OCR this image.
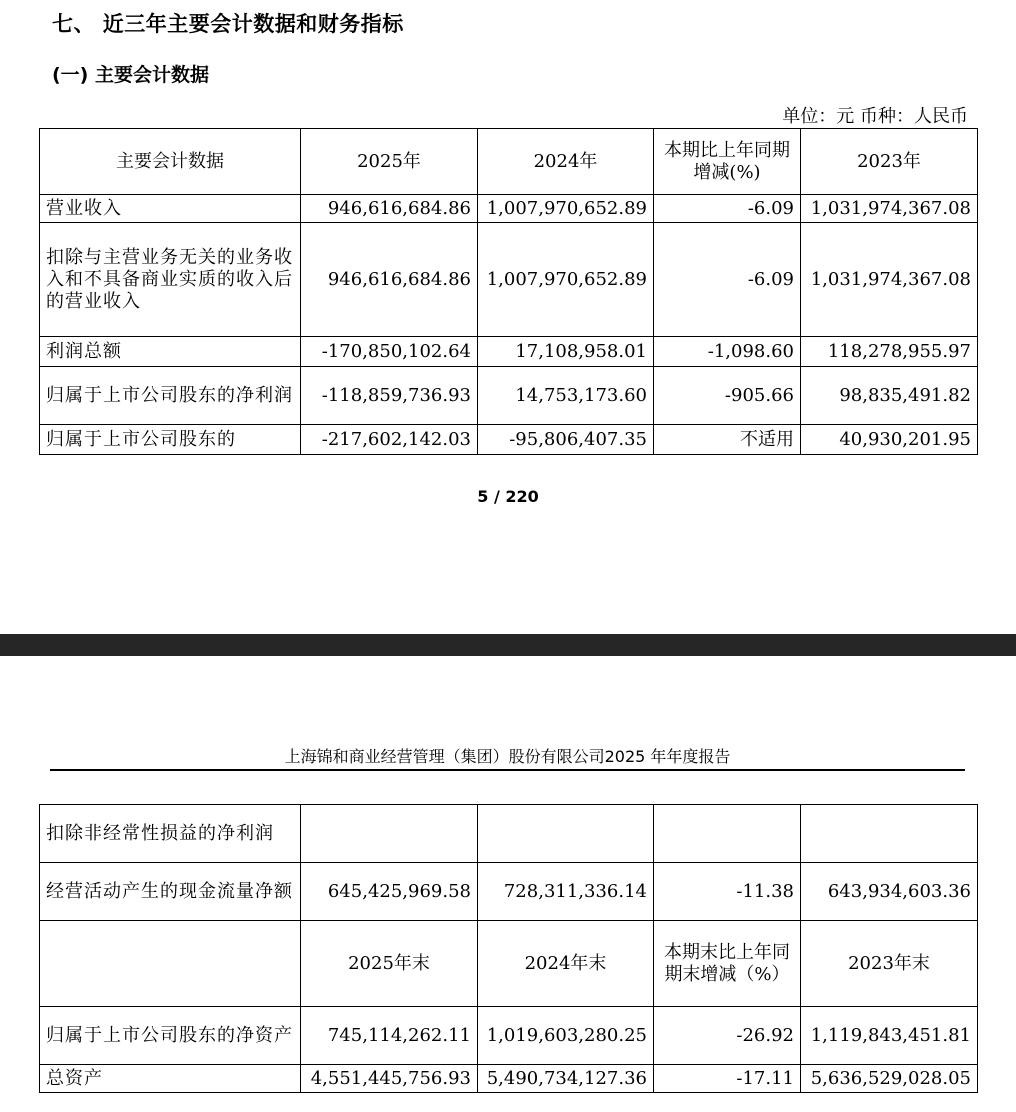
七、 近三年主要会计数据和财务指标
(一) 主要会计数据
单位：元 币种：人民币
主要会计数据	2025年	2024年	本期比上年同期增减(%)	2023年
营业收入	946,616,684.86	1,007,970,652.89	-6.09	1,031,974,367.08
扣除与主营业务无关的业务收入和不具备商业实质的收入后的营业收入	946,616,684.86	1,007,970,652.89	-6.09	1,031,974,367.08
利润总额	-170,850,102.64	17,108,958.01	-1,098.60	118,278,955.97
归属于上市公司股东的净利润	-118,859,736.93	14,753,173.60	-905.66	98,835,491.82
归属于上市公司股东的	-217,602,142.03	-95,806,407.35	不适用	40,930,201.95
5 / 220
上海锦和商业经营管理（集团）股份有限公司2025 年年度报告
扣除非经常性损益的净利润				
经营活动产生的现金流量净额	645,425,969.58	728,311,336.14	-11.38	643,934,603.36
	2025年末	2024年末	本期末比上年同期末增减（%）	2023年末
归属于上市公司股东的净资产	745,114,262.11	1,019,603,280.25	-26.92	1,119,843,451.81
总资产	4,551,445,756.93	5,490,734,127.36	-17.11	5,636,529,028.05
